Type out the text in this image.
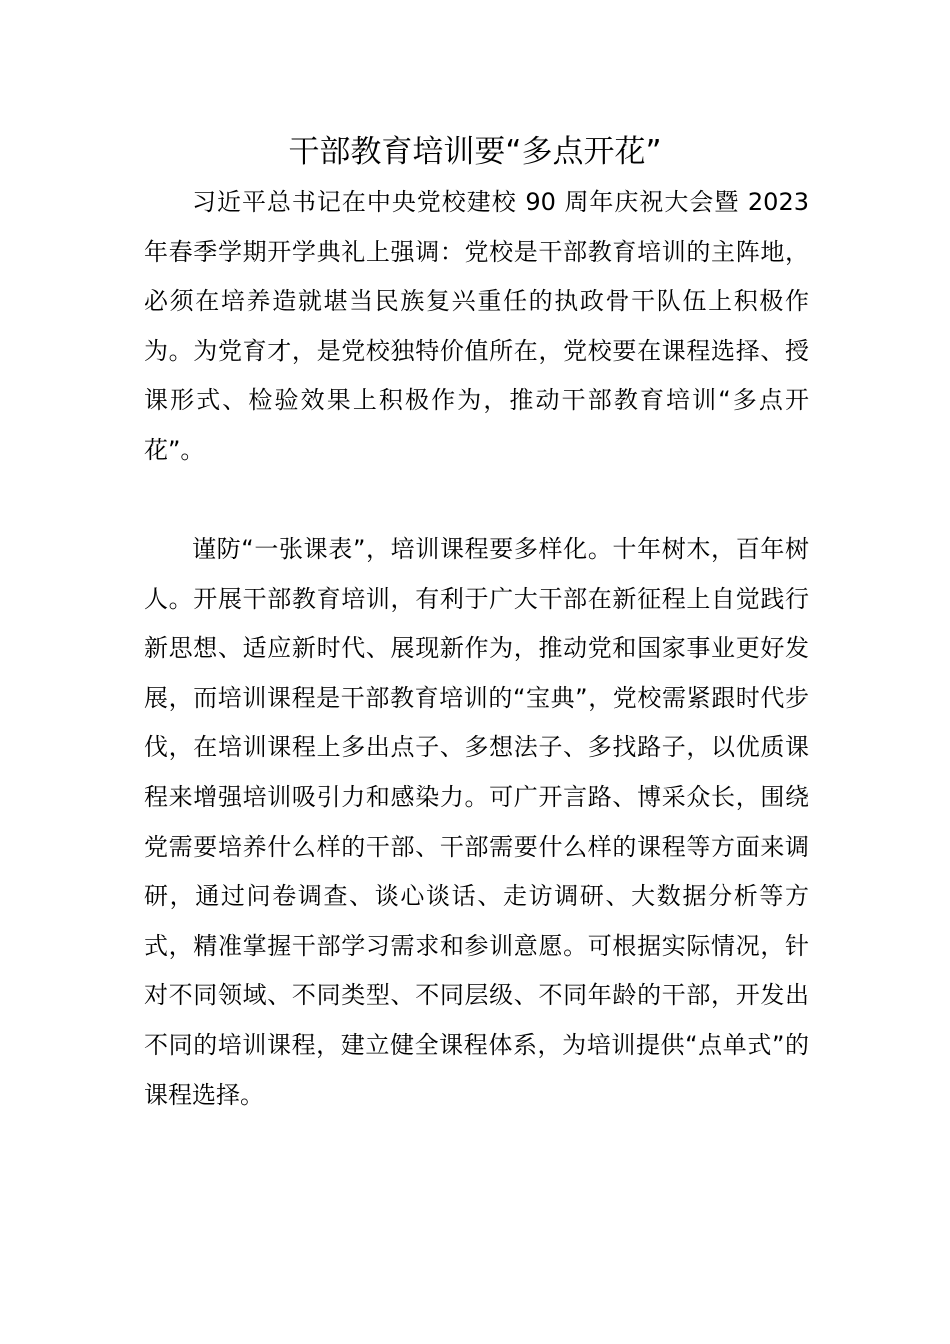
干部教育培训要“多点开花”

习近平总书记在中央党校建校 90 周年庆祝大会暨 2023 年春季学期开学典礼上强调：党校是干部教育培训的主阵地，必须在培养造就堪当民族复兴重任的执政骨干队伍上积极作为。为党育才，是党校独特价值所在，党校要在课程选择、授课形式、检验效果上积极作为，推动干部教育培训“多点开花”。

谨防“一张课表”，培训课程要多样化。十年树木，百年树人。开展干部教育培训，有利于广大干部在新征程上自觉践行新思想、适应新时代、展现新作为，推动党和国家事业更好发展，而培训课程是干部教育培训的“宝典”，党校需紧跟时代步伐，在培训课程上多出点子、多想法子、多找路子，以优质课程来增强培训吸引力和感染力。可广开言路、博采众长，围绕党需要培养什么样的干部、干部需要什么样的课程等方面来调研，通过问卷调查、谈心谈话、走访调研、大数据分析等方式，精准掌握干部学习需求和参训意愿。可根据实际情况，针对不同领域、不同类型、不同层级、不同年龄的干部，开发出不同的培训课程，建立健全课程体系，为培训提供“点单式”的课程选择。
